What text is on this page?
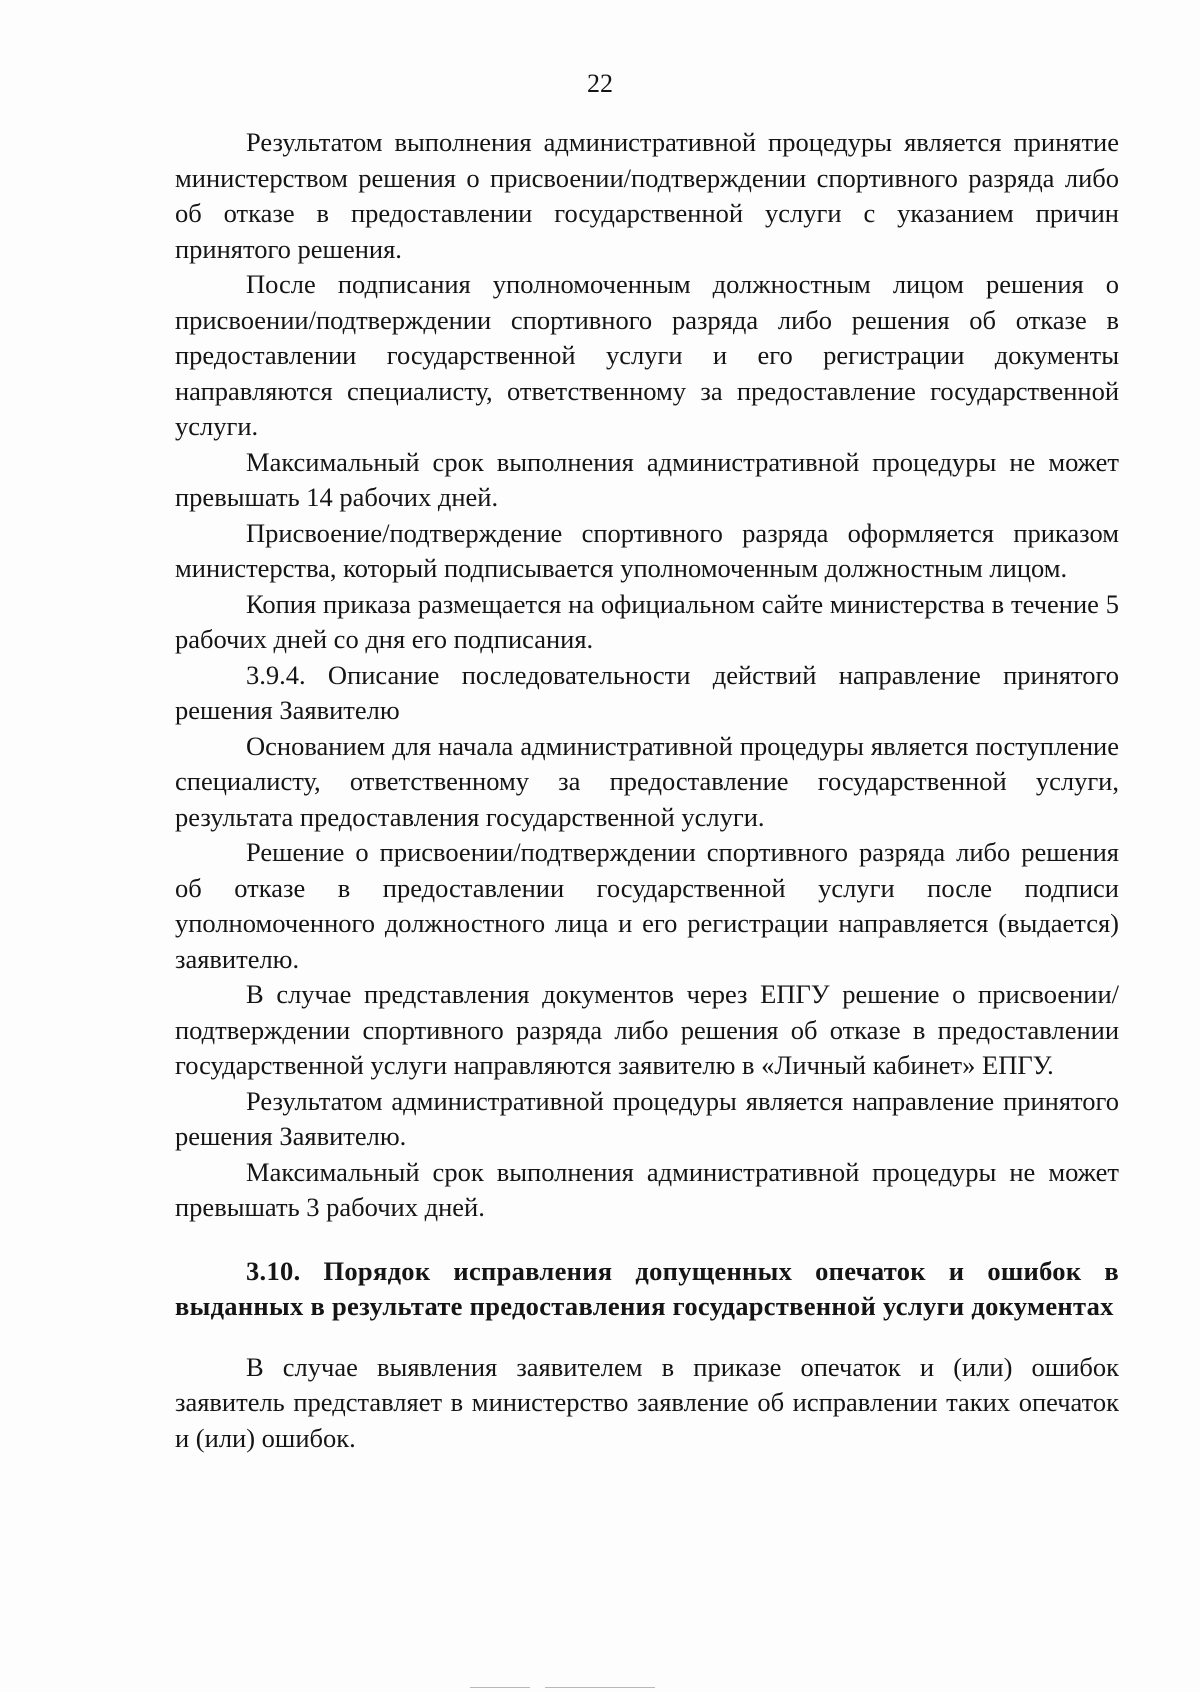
22

Результатом выполнения административной процедуры является принятие министерством решения о присвоении/подтверждении спортивного разряда либо об отказе в предоставлении государственной услуги с указанием причин принятого решения.

После подписания уполномоченным должностным лицом решения о присвоении/подтверждении спортивного разряда либо решения об отказе в предоставлении государственной услуги и его регистрации документы направляются специалисту, ответственному за предоставление государственной услуги.

Максимальный срок выполнения административной процедуры не может превышать 14 рабочих дней.

Присвоение/подтверждение спортивного разряда оформляется приказом министерства, который подписывается уполномоченным должностным лицом.

Копия приказа размещается на официальном сайте министерства в течение 5 рабочих дней со дня его подписания.

3.9.4. Описание последовательности действий направление принятого решения Заявителю

Основанием для начала административной процедуры является поступление специалисту, ответственному за предоставление государственной услуги, результата предоставления государственной услуги.

Решение о присвоении/подтверждении спортивного разряда либо решения об отказе в предоставлении государственной услуги после подписи уполномоченного должностного лица и его регистрации направляется (выдается) заявителю.

В случае представления документов через ЕПГУ решение о присвоении/подтверждении спортивного разряда либо решения об отказе в предоставлении государственной услуги направляются заявителю в «Личный кабинет» ЕПГУ.

Результатом административной процедуры является направление принятого решения Заявителю.

Максимальный срок выполнения административной процедуры не может превышать 3 рабочих дней.

3.10. Порядок исправления допущенных опечаток и ошибок в выданных в результате предоставления государственной услуги документах

В случае выявления заявителем в приказе опечаток и (или) ошибок заявитель представляет в министерство заявление об исправлении таких опечаток и (или) ошибок.
